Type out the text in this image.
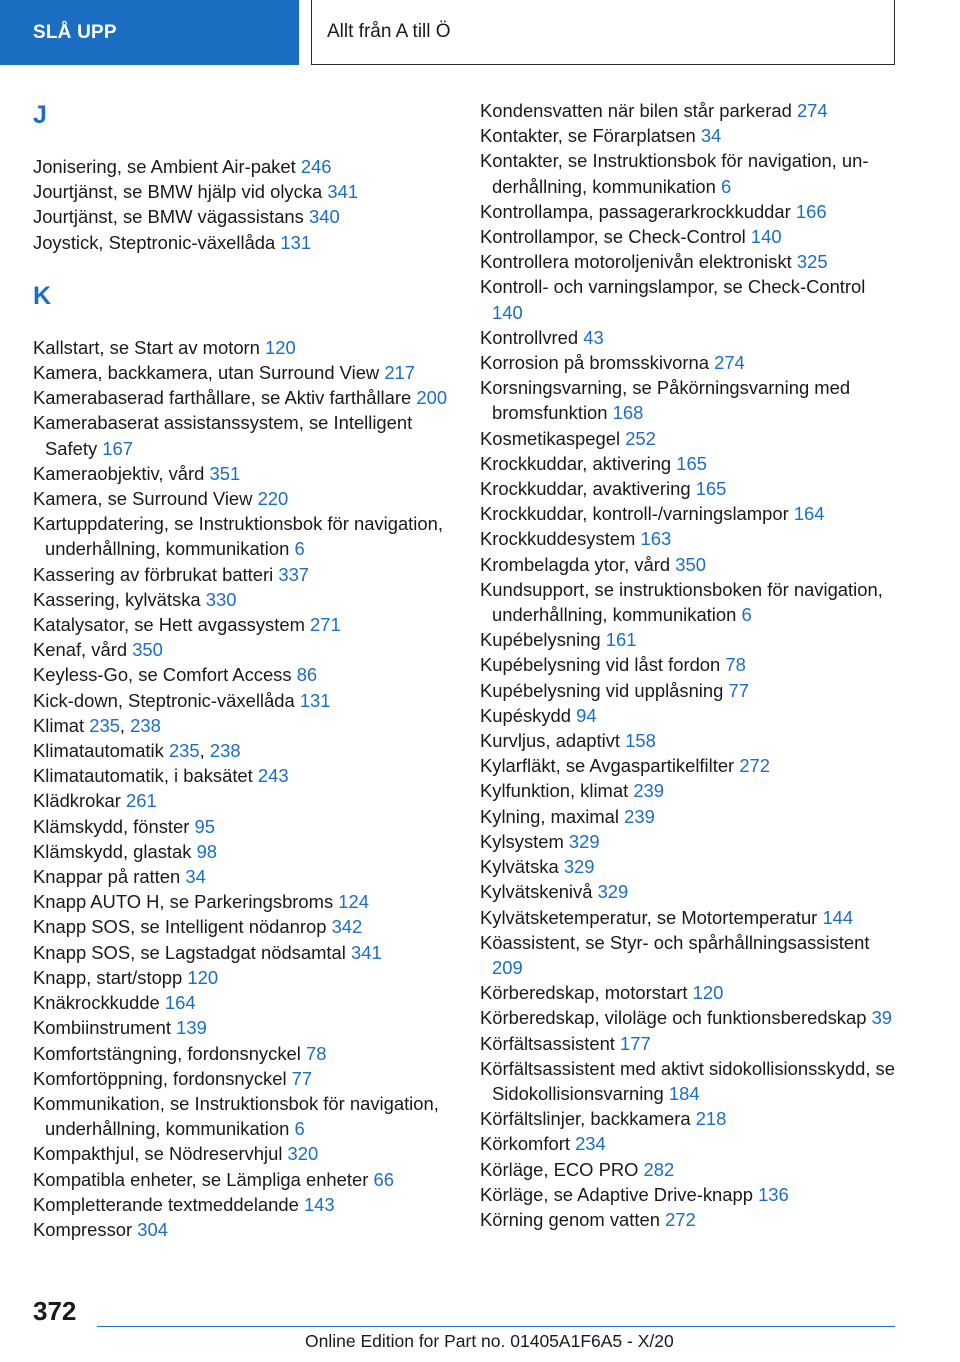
SLÅ UPP	Allt från A till Ö
J
Jonisering, se Ambient Air-paket 246
Jourtjänst, se BMW hjälp vid olycka 341
Jourtjänst, se BMW vägassistans 340
Joystick, Steptronic-växellåda 131
K
Kallstart, se Start av motorn 120
Kamera, backkamera, utan Surround View 217
Kamerabaserad farthållare, se Aktiv farthållare 200
Kamerabaserat assistanssystem, se Intelligent Safety 167
Kameraobjektiv, vård 351
Kamera, se Surround View 220
Kartuppdatering, se Instruktionsbok för navigation, underhållning, kommunikation 6
Kassering av förbrukat batteri 337
Kassering, kylvätska 330
Katalysator, se Hett avgassystem 271
Kenaf, vård 350
Keyless-Go, se Comfort Access 86
Kick-down, Steptronic-växellåda 131
Klimat 235, 238
Klimatautomatik 235, 238
Klimatautomatik, i baksätet 243
Klädkrokar 261
Klämskydd, fönster 95
Klämskydd, glastak 98
Knappar på ratten 34
Knapp AUTO H, se Parkeringsbroms 124
Knapp SOS, se Intelligent nödanrop 342
Knapp SOS, se Lagstadgat nödsamtal 341
Knapp, start/stopp 120
Knäkrockkudde 164
Kombiinstrument 139
Komfortstängning, fordonsnyckel 78
Komfortöppning, fordonsnyckel 77
Kommunikation, se Instruktionsbok för navigation, underhållning, kommunikation 6
Kompakthjul, se Nödreservhjul 320
Kompatibla enheter, se Lämpliga enheter 66
Kompletterande textmeddelande 143
Kompressor 304
Kondensvatten när bilen står parkerad 274
Kontakter, se Förarplatsen 34
Kontakter, se Instruktionsbok för navigation, underhållning, kommunikation 6
Kontrollampa, passagerarkrockkuddar 166
Kontrollampor, se Check-Control 140
Kontrollera motoroljenivån elektroniskt 325
Kontroll- och varningslampor, se Check-Control 140
Kontrollvred 43
Korrosion på bromsskivorna 274
Korsningsvarning, se Påkörningsvarning med bromsfunktion 168
Kosmetikaspegel 252
Krockkuddar, aktivering 165
Krockkuddar, avaktivering 165
Krockkuddar, kontroll-/varningslampor 164
Krockkuddesystem 163
Krombelagda ytor, vård 350
Kundsupport, se instruktionsboken för navigation, underhållning, kommunikation 6
Kupébelysning 161
Kupébelysning vid låst fordon 78
Kupébelysning vid upplåsning 77
Kupéskydd 94
Kurvljus, adaptivt 158
Kylarfläkt, se Avgaspartikelfilter 272
Kylfunktion, klimat 239
Kylning, maximal 239
Kylsystem 329
Kylvätska 329
Kylvätskenivå 329
Kylvätsketemperatur, se Motortemperatur 144
Köassistent, se Styr- och spårhållningsassistent 209
Körberedskap, motorstart 120
Körberedskap, viloläge och funktionsberedskap 39
Körfältsassistent 177
Körfältsassistent med aktivt sidokollisionsskydd, se Sidokollisionsvarning 184
Körfältslinjer, backkamera 218
Körkomfort 234
Körläge, ECO PRO 282
Körläge, se Adaptive Drive-knapp 136
Körning genom vatten 272
372
Online Edition for Part no. 01405A1F6A5 - X/20
